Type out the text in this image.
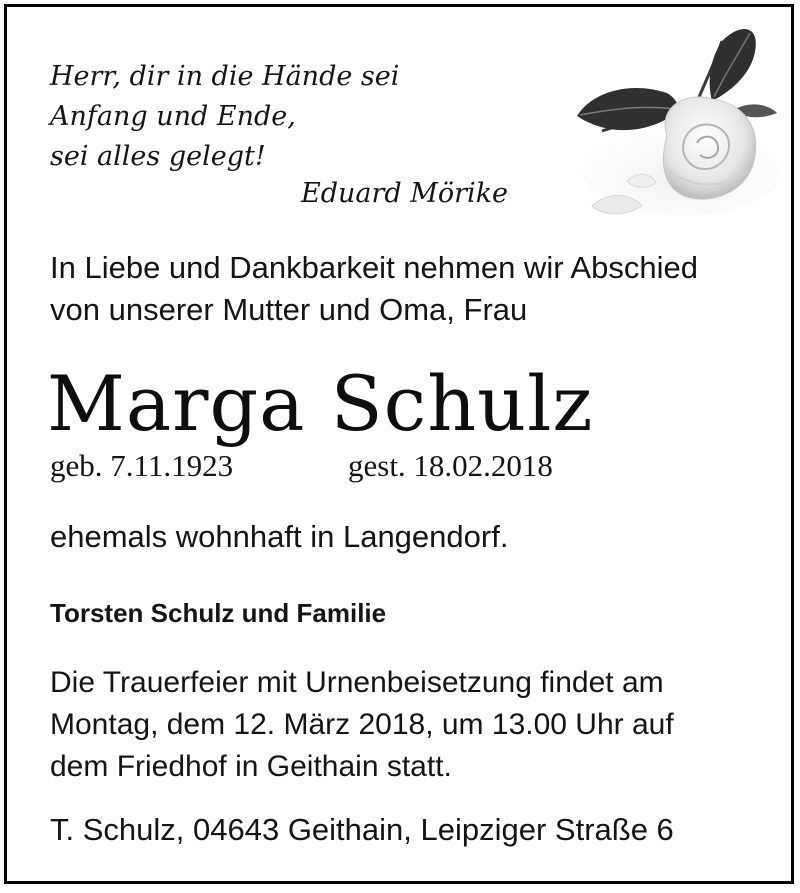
Herr, dir in die Hände sei
Anfang und Ende,
sei alles gelegt!
Eduard Mörike
In Liebe und Dankbarkeit nehmen wir Abschied
von unserer Mutter und Oma, Frau
Marga Schulz
geb. 7.11.1923	gest. 18.02.2018
ehemals wohnhaft in Langendorf.
Torsten Schulz und Familie
Die Trauerfeier mit Urnenbeisetzung findet am
Montag, dem 12. März 2018, um 13.00 Uhr auf
dem Friedhof in Geithain statt.
T. Schulz, 04643 Geithain, Leipziger Straße 6
